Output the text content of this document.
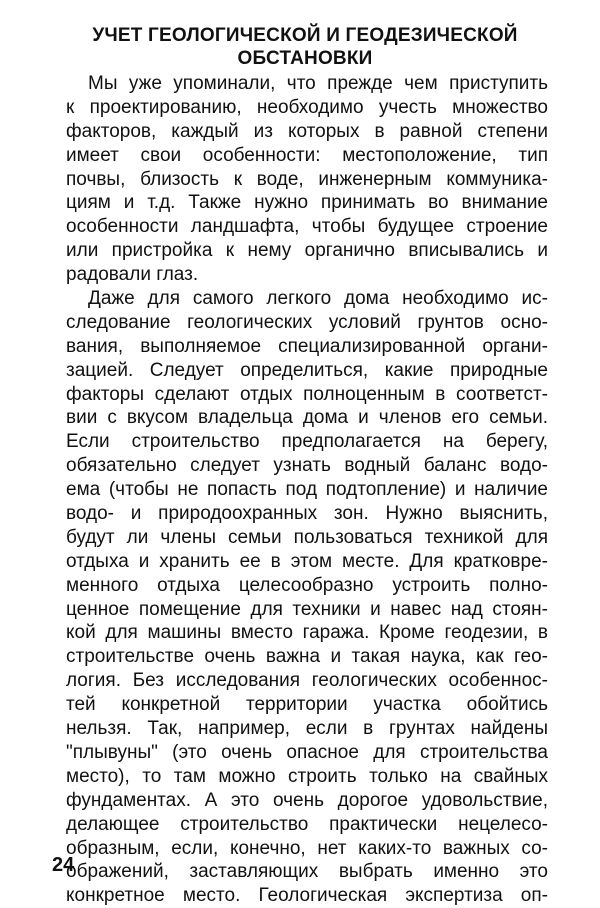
УЧЕТ ГЕОЛОГИЧЕСКОЙ И ГЕОДЕЗИЧЕСКОЙ
ОБСТАНОВКИ
Мы уже упоминали, что прежде чем приступить
к проектированию, необходимо учесть множество
факторов, каждый из которых в равной степени
имеет свои особенности: местоположение, тип
почвы, близость к воде, инженерным коммуника-
циям и т.д. Также нужно принимать во внимание
особенности ландшафта, чтобы будущее строение
или пристройка к нему органично вписывались и
радовали глаз.
Даже для самого легкого дома необходимо ис-
следование геологических условий грунтов осно-
вания, выполняемое специализированной органи-
зацией. Следует определиться, какие природные
факторы сделают отдых полноценным в соответст-
вии с вкусом владельца дома и членов его семьи.
Если строительство предполагается на берегу,
обязательно следует узнать водный баланс водо-
ема (чтобы не попасть под подтопление) и наличие
водо- и природоохранных зон. Нужно выяснить,
будут ли члены семьи пользоваться техникой для
отдыха и хранить ее в этом месте. Для кратковре-
менного отдыха целесообразно устроить полно-
ценное помещение для техники и навес над стоян-
кой для машины вместо гаража. Кроме геодезии, в
строительстве очень важна и такая наука, как гео-
логия. Без исследования геологических особеннос-
тей конкретной территории участка обойтись
нельзя. Так, например, если в грунтах найдены
"плывуны" (это очень опасное для строительства
место), то там можно строить только на свайных
фундаментах. А это очень дорогое удовольствие,
делающее строительство практически нецелесо-
образным, если, конечно, нет каких-то важных со-
ображений, заставляющих выбрать именно это
конкретное место. Геологическая экспертиза оп-
24
